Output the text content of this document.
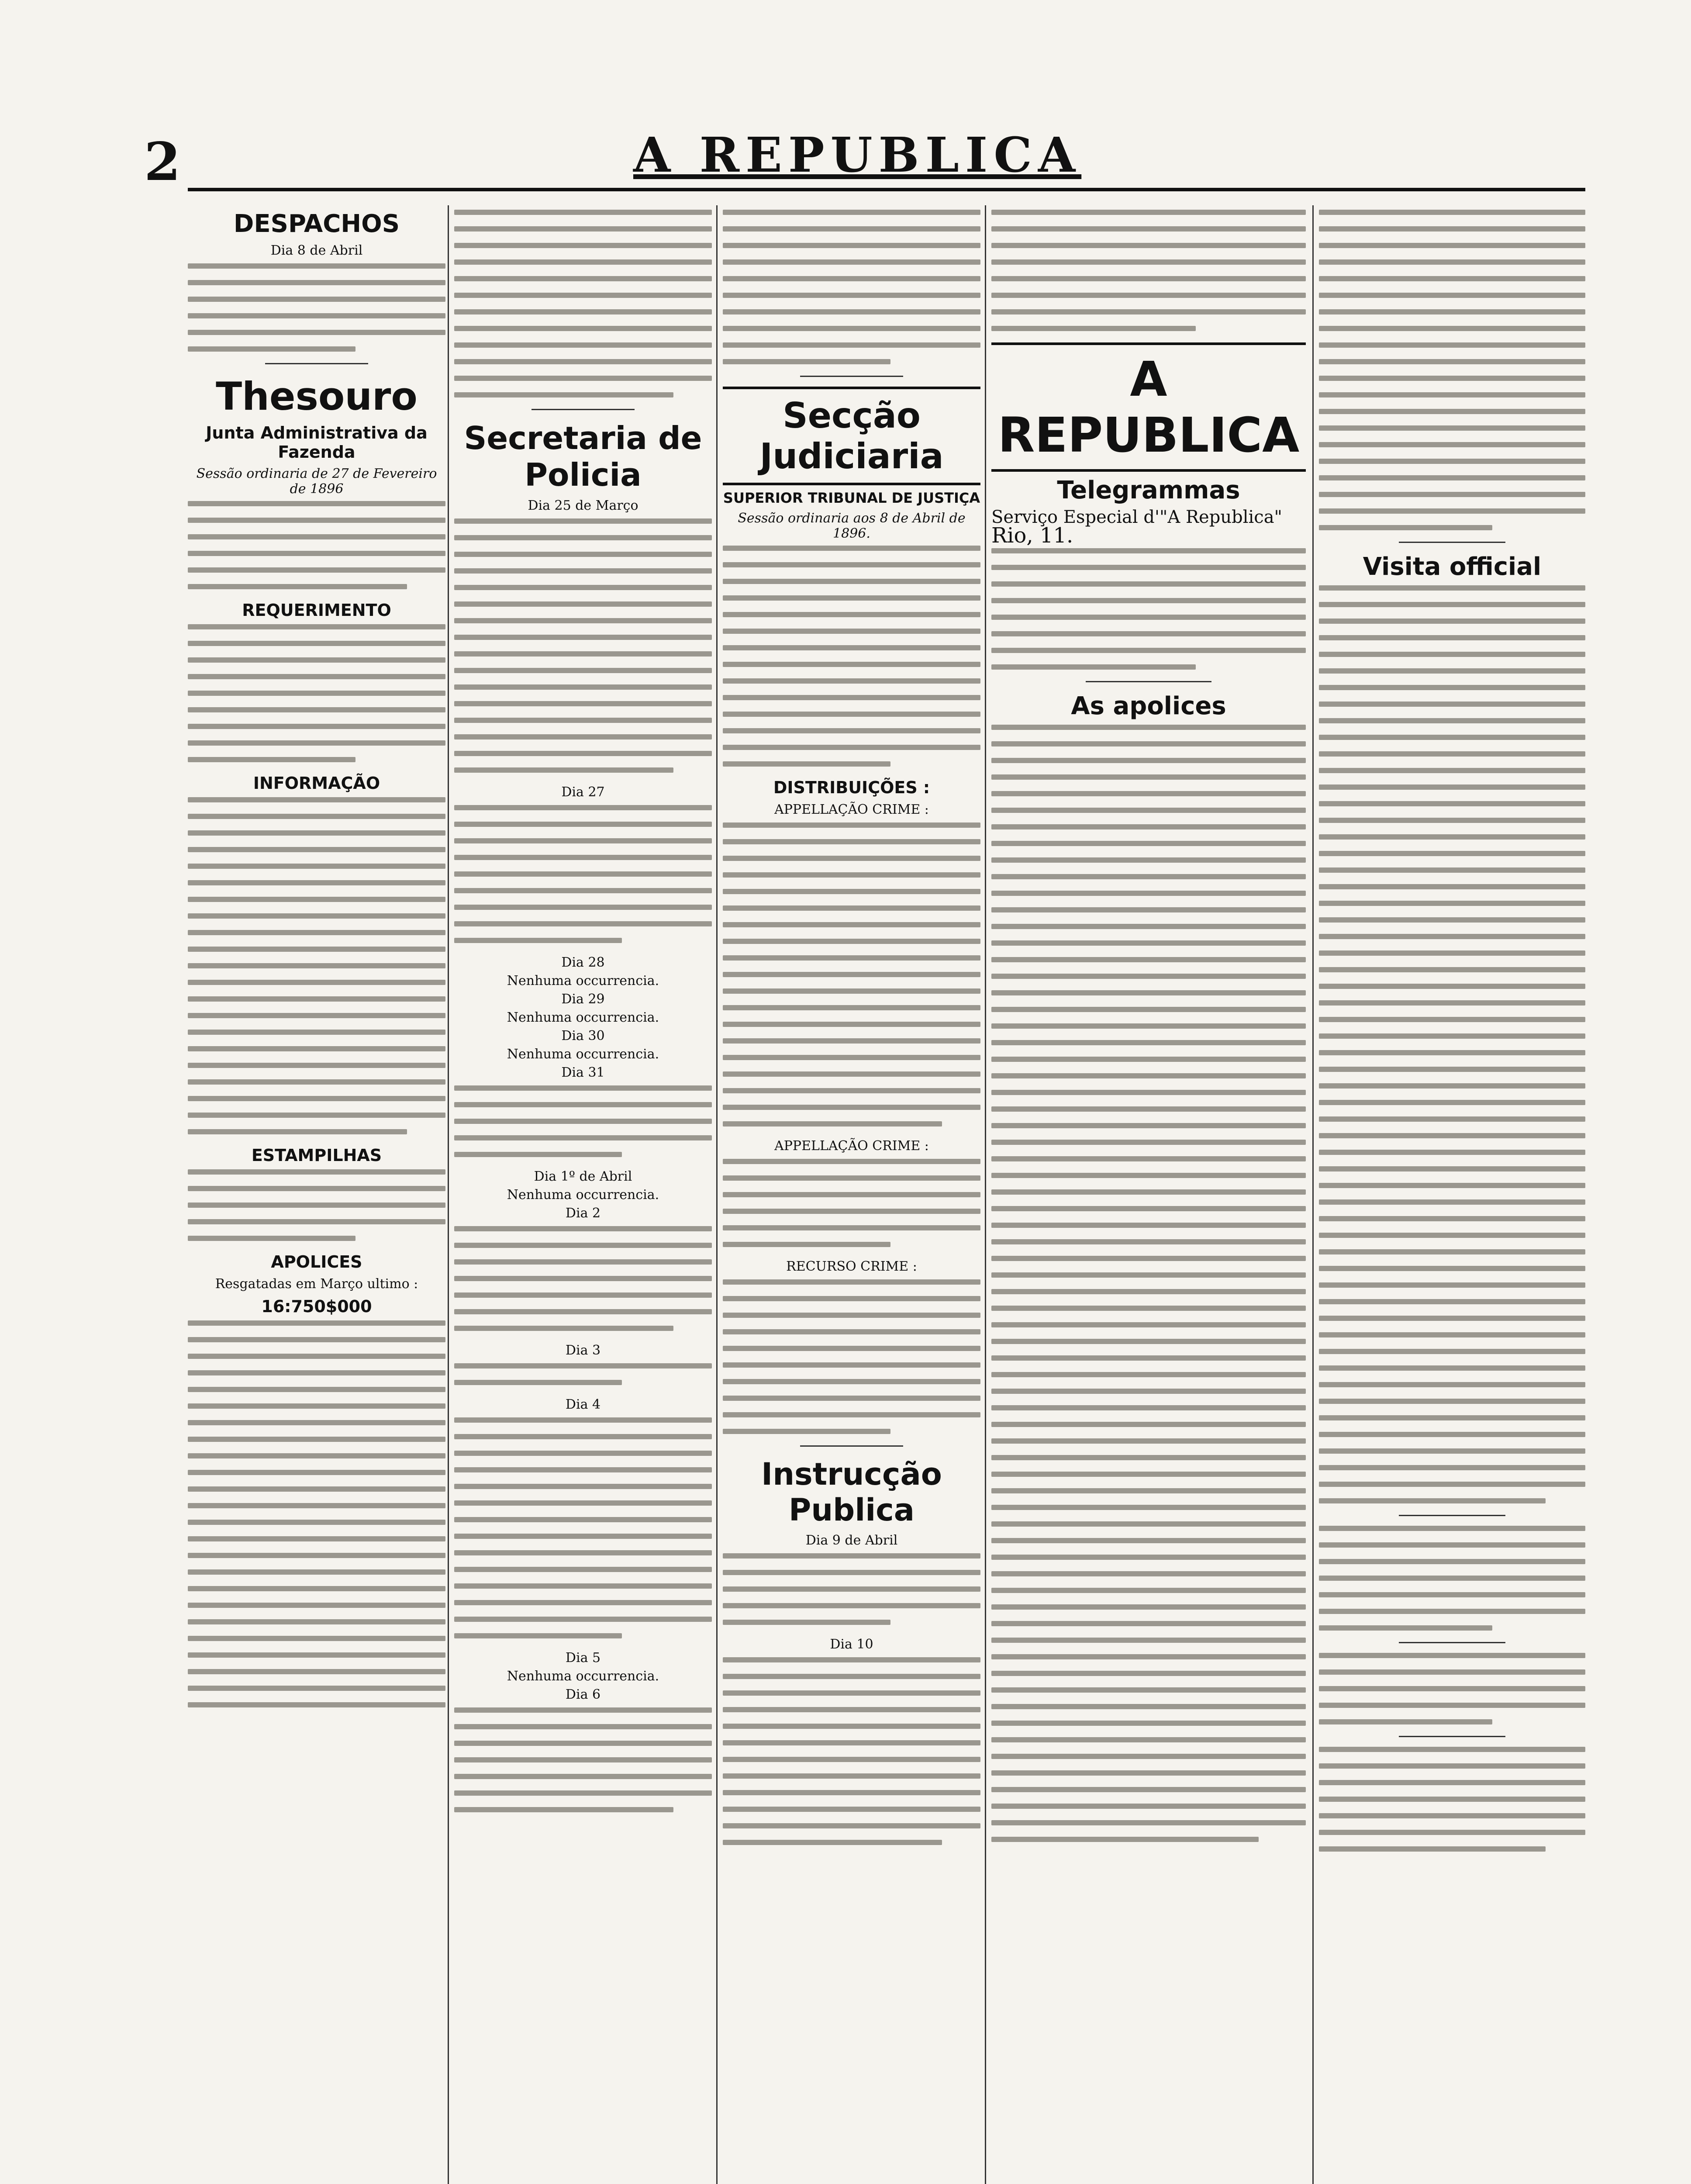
2	A REPUBLICA
DESPACHOS
Dia 8 de Abril
Thesouro
Junta Administrativa da Fazenda
Sessão ordinaria de 27 de Fevereiro de 1896
REQUERIMENTO
INFORMAÇÃO
ESTAMPILHAS
APOLICES
Resgatadas em Março ultimo :
16:750$000
Secretaria de Policia
Dia 25 de Março
Dia 27
Dia 28
Nenhuma occurrencia.
Dia 29
Nenhuma occurrencia.
Dia 30
Nenhuma occurrencia.
Dia 31
Dia 1º de Abril
Nenhuma occurrencia.
Dia 2
Dia 3
Dia 4
Dia 5
Nenhuma occurrencia.
Dia 6
Secção Judiciaria
SUPERIOR TRIBUNAL DE JUSTIÇA
Sessão ordinaria aos 8 de Abril de 1896.
DISTRIBUIÇÕES :
APPELLAÇÃO CRIME :
APPELLAÇÃO CRIME :
RECURSO CRIME :
Instrucção Publica
Dia 9 de Abril
Dia 10
A REPUBLICA
Telegrammas
Serviço Especial d'"A Republica"
Rio, 11.
As apolices
Visita official
